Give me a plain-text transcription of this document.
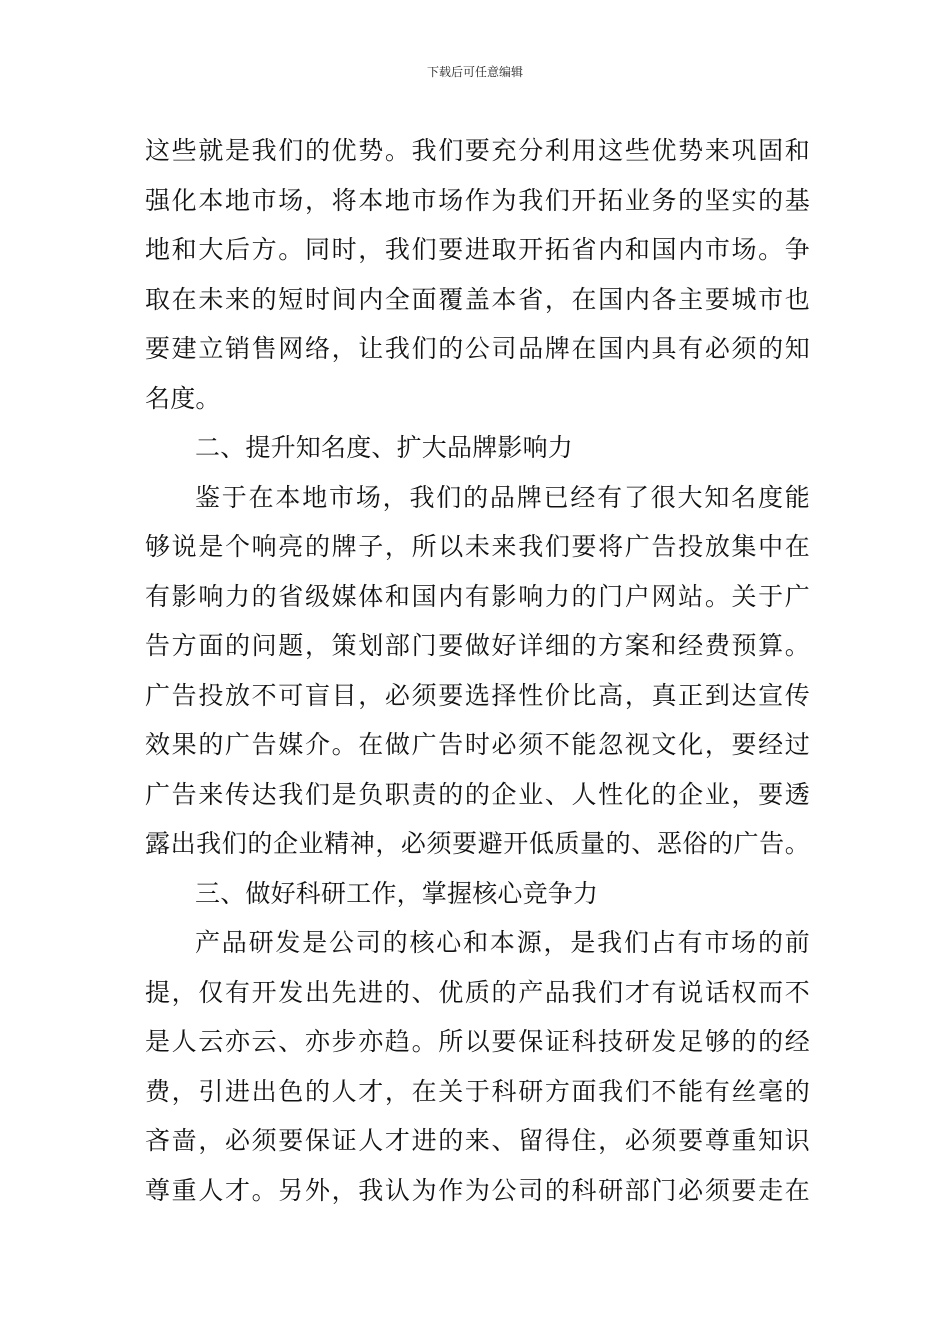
下载后可任意编辑
这些就是我们的优势。我们要充分利用这些优势来巩固和
强化本地市场，将本地市场作为我们开拓业务的坚实的基
地和大后方。同时，我们要进取开拓省内和国内市场。争
取在未来的短时间内全面覆盖本省，在国内各主要城市也
要建立销售网络，让我们的公司品牌在国内具有必须的知
名度。
二、提升知名度、扩大品牌影响力
鉴于在本地市场，我们的品牌已经有了很大知名度能
够说是个响亮的牌子，所以未来我们要将广告投放集中在
有影响力的省级媒体和国内有影响力的门户网站。关于广
告方面的问题，策划部门要做好详细的方案和经费预算。
广告投放不可盲目，必须要选择性价比高，真正到达宣传
效果的广告媒介。在做广告时必须不能忽视文化，要经过
广告来传达我们是负职责的的企业、人性化的企业，要透
露出我们的企业精神，必须要避开低质量的、恶俗的广告。
三、做好科研工作，掌握核心竞争力
产品研发是公司的核心和本源，是我们占有市场的前
提，仅有开发出先进的、优质的产品我们才有说话权而不
是人云亦云、亦步亦趋。所以要保证科技研发足够的的经
费，引进出色的人才，在关于科研方面我们不能有丝毫的
吝啬，必须要保证人才进的来、留得住，必须要尊重知识
尊重人才。另外，我认为作为公司的科研部门必须要走在
